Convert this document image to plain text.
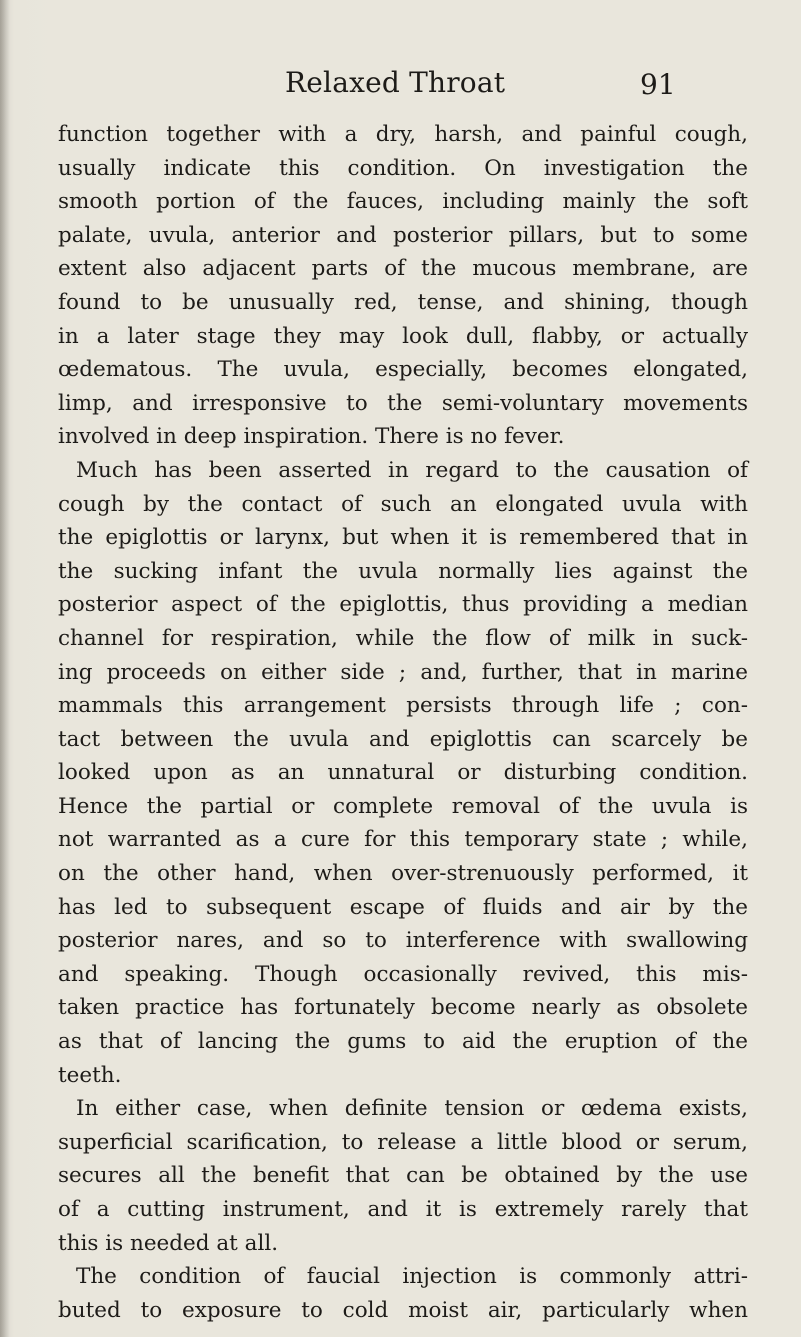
Relaxed Throat	91
function together with a dry, harsh, and painful cough,
usually indicate this condition. On investigation the
smooth portion of the fauces, including mainly the soft
palate, uvula, anterior and posterior pillars, but to some
extent also adjacent parts of the mucous membrane, are
found to be unusually red, tense, and shining, though
in a later stage they may look dull, flabby, or actually
œdematous. The uvula, especially, becomes elongated,
limp, and irresponsive to the semi-voluntary movements
involved in deep inspiration. There is no fever.
Much has been asserted in regard to the causation of
cough by the contact of such an elongated uvula with
the epiglottis or larynx, but when it is remembered that in
the sucking infant the uvula normally lies against the
posterior aspect of the epiglottis, thus providing a median
channel for respiration, while the flow of milk in suck-
ing proceeds on either side ; and, further, that in marine
mammals this arrangement persists through life ; con-
tact between the uvula and epiglottis can scarcely be
looked upon as an unnatural or disturbing condition.
Hence the partial or complete removal of the uvula is
not warranted as a cure for this temporary state ; while,
on the other hand, when over-strenuously performed, it
has led to subsequent escape of fluids and air by the
posterior nares, and so to interference with swallowing
and speaking. Though occasionally revived, this mis-
taken practice has fortunately become nearly as obsolete
as that of lancing the gums to aid the eruption of the
teeth.
In either case, when definite tension or œdema exists,
superficial scarification, to release a little blood or serum,
secures all the benefit that can be obtained by the use
of a cutting instrument, and it is extremely rarely that
this is needed at all.
The condition of faucial injection is commonly attri-
buted to exposure to cold moist air, particularly when
